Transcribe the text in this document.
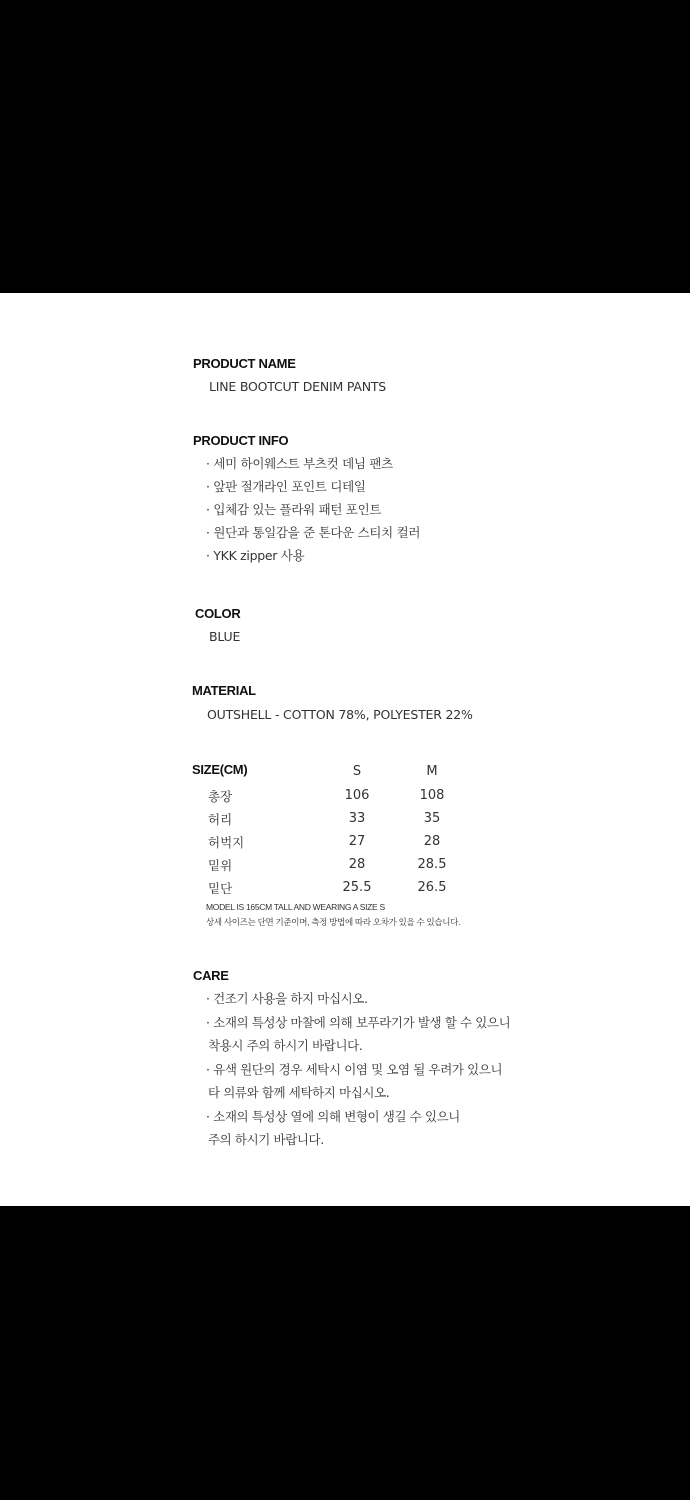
PRODUCT NAME
LINE BOOTCUT DENIM PANTS
PRODUCT INFO
· 세미 하이웨스트 부츠컷 데님 팬츠
· 앞판 절개라인 포인트 디테일
· 입체감 있는 플라워 패턴 포인트
· 원단과 통일감을 준 톤다운 스티치 컬러
· YKK zipper 사용
COLOR
BLUE
MATERIAL
OUTSHELL - COTTON 78%, POLYESTER 22%
SIZE(CM)	S	M
총장	106	108
허리	33	35
허벅지	27	28
밑위	28	28.5
밑단	25.5	26.5
MODEL IS 165CM TALL AND WEARING A SIZE S
상세 사이즈는 단면 기준이며, 측정 방법에 따라 오차가 있을 수 있습니다.
CARE
· 건조기 사용을 하지 마십시오.
· 소재의 특성상 마찰에 의해 보푸라기가 발생 할 수 있으니
착용시 주의 하시기 바랍니다.
· 유색 원단의 경우 세탁시 이염 및 오염 될 우려가 있으니
타 의류와 함께 세탁하지 마십시오.
· 소재의 특성상 열에 의해 변형이 생길 수 있으니
주의 하시기 바랍니다.
